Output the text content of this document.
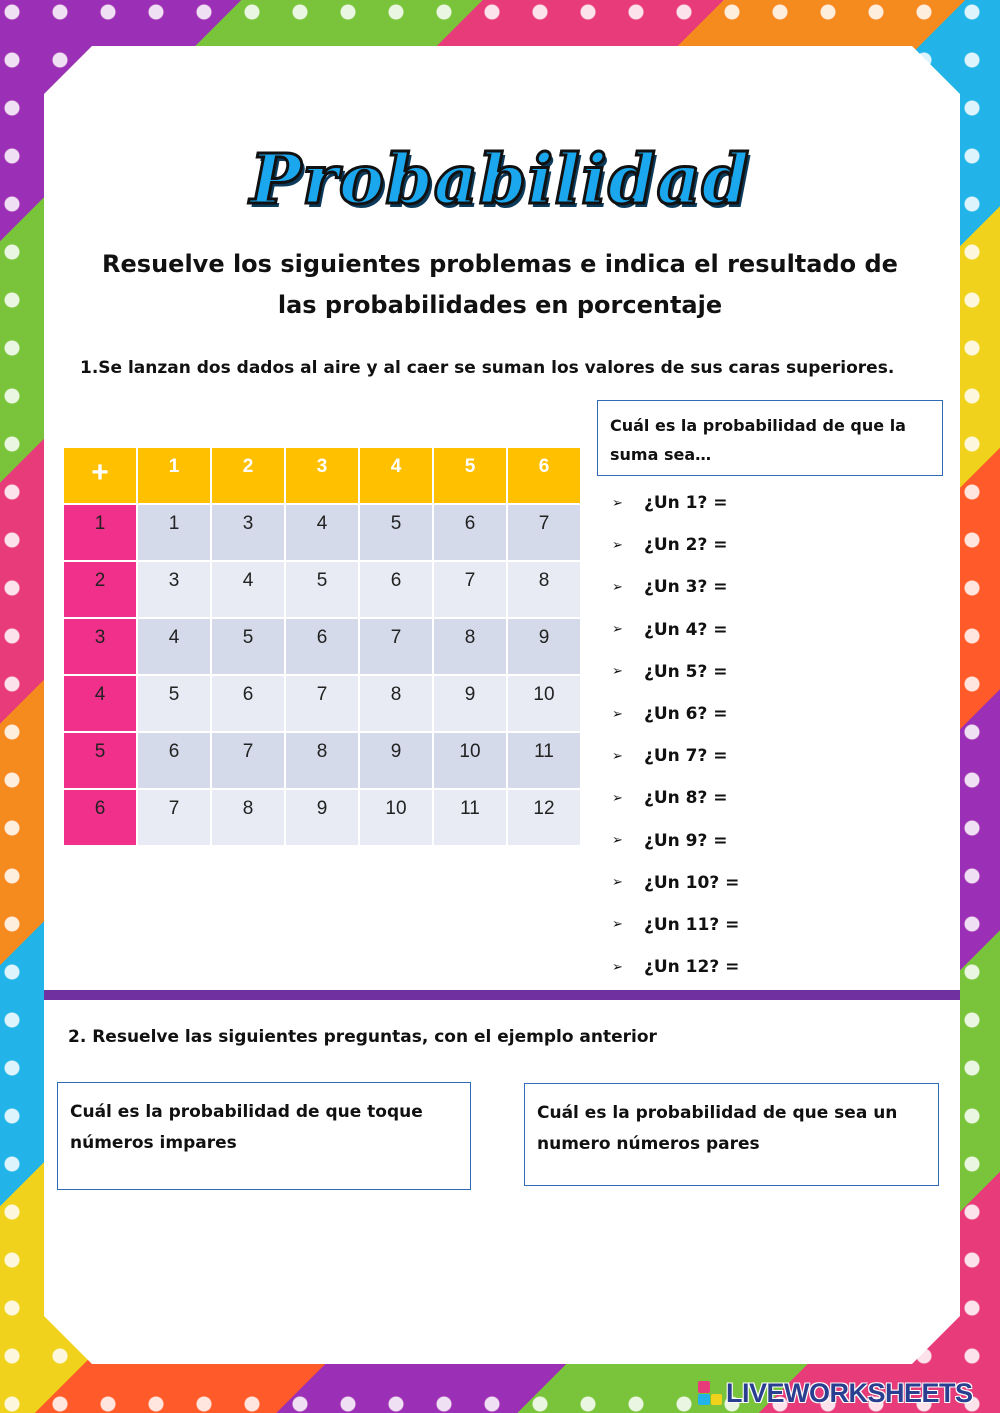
Probabilidad
Resuelve los siguientes problemas e indica el resultado de las probabilidades en porcentaje
1.Se lanzan dos dados al aire y al caer se suman los valores de sus caras superiores.
+	1	2	3	4	5	6
1	1	3	4	5	6	7
2	3	4	5	6	7	8
3	4	5	6	7	8	9
4	5	6	7	8	9	10
5	6	7	8	9	10	11
6	7	8	9	10	11	12
Cuál es la probabilidad de que la suma sea…
➢	¿Un 1? =
➢	¿Un 2? =
➢	¿Un 3? =
➢	¿Un 4? =
➢	¿Un 5? =
➢	¿Un 6? =
➢	¿Un 7? =
➢	¿Un 8? =
➢	¿Un 9? =
➢	¿Un 10? =
➢	¿Un 11? =
➢	¿Un 12? =
2. Resuelve las siguientes preguntas, con el ejemplo anterior
Cuál es la probabilidad de que toque números impares
Cuál es la probabilidad de que sea un numero números pares
LIVEWORKSHEETS
